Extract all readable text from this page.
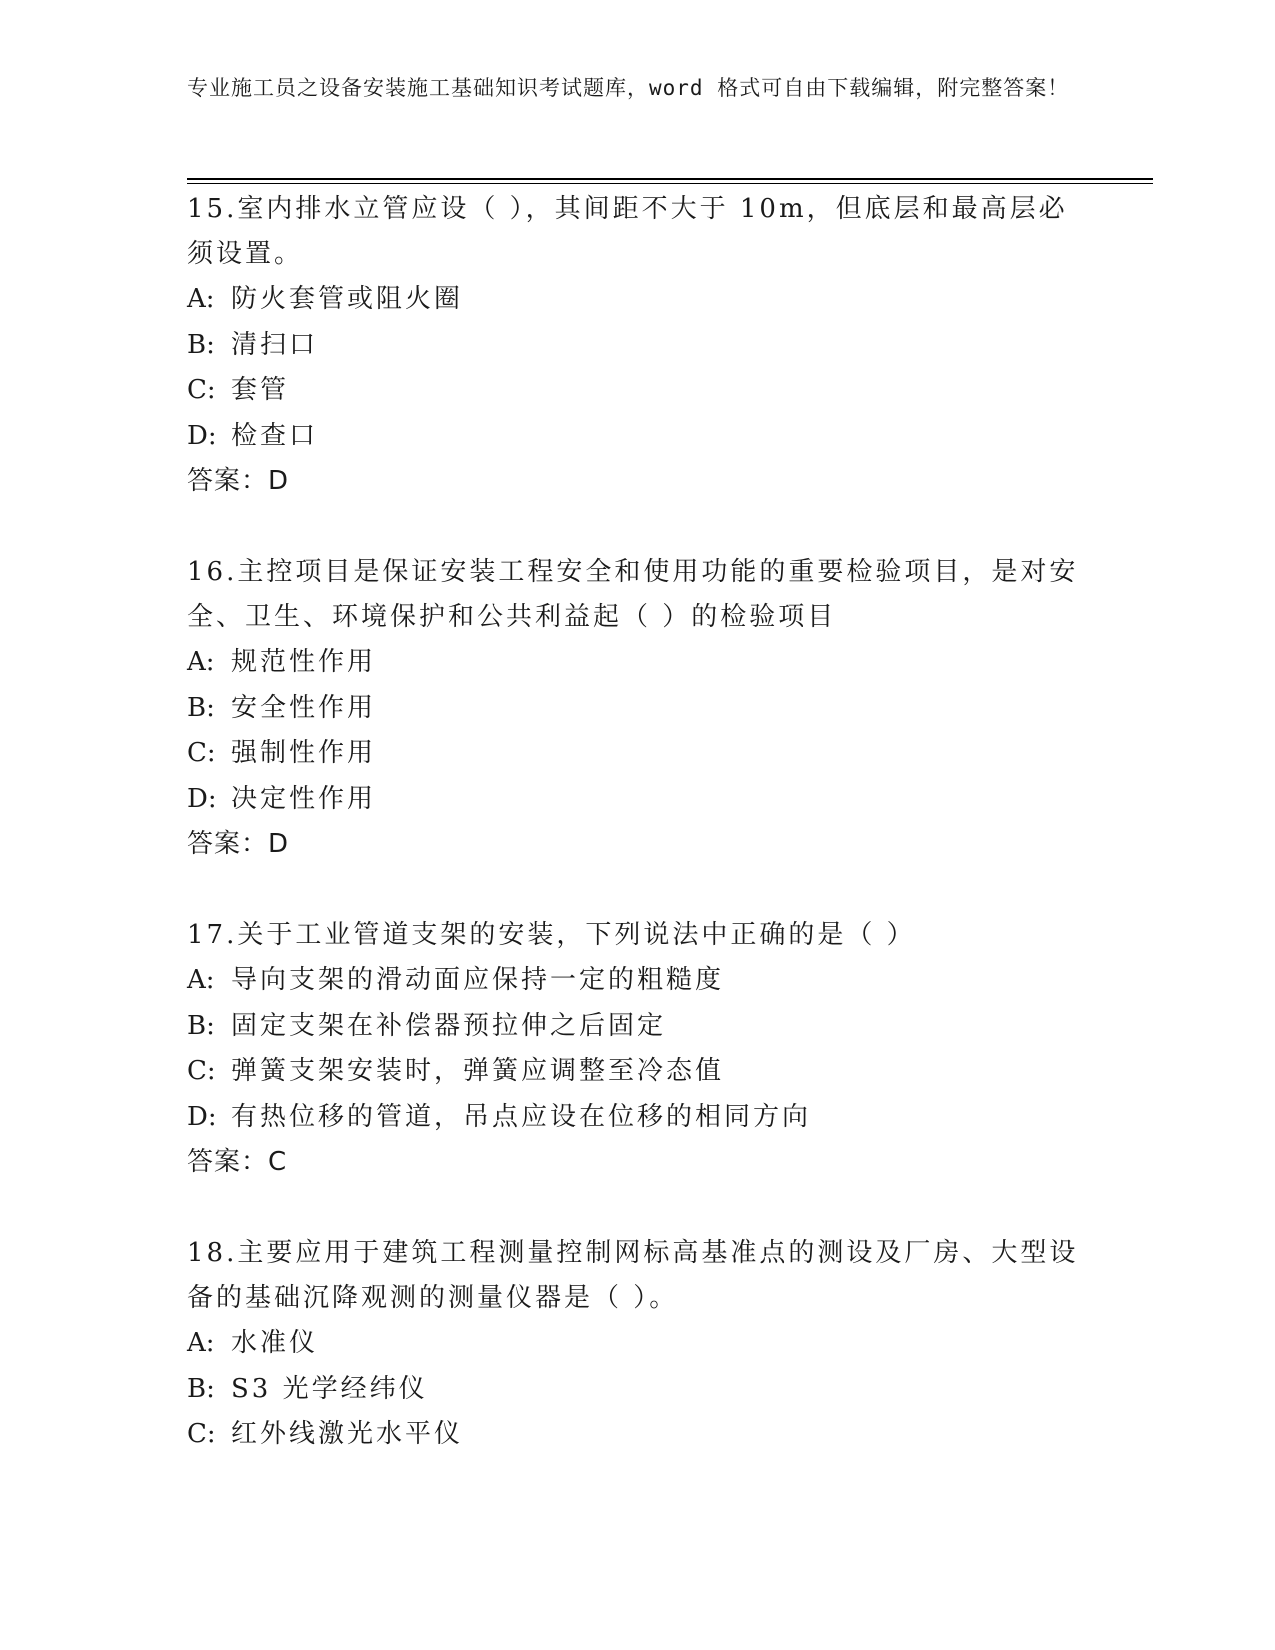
专业施工员之设备安装施工基础知识考试题库，word 格式可自由下载编辑，附完整答案！

15.室内排水立管应设（ ），其间距不大于 10m，但底层和最高层必须设置。

A: 防火套管或阻火圈
B: 清扫口
C: 套管
D: 检查口

答案：D

16.主控项目是保证安装工程安全和使用功能的重要检验项目，是对安全、卫生、环境保护和公共利益起（ ）的检验项目

A: 规范性作用
B: 安全性作用
C: 强制性作用
D: 决定性作用

答案：D

17.关于工业管道支架的安装，下列说法中正确的是（ ）

A: 导向支架的滑动面应保持一定的粗糙度
B: 固定支架在补偿器预拉伸之后固定
C: 弹簧支架安装时，弹簧应调整至冷态值
D: 有热位移的管道，吊点应设在位移的相同方向

答案：C

18.主要应用于建筑工程测量控制网标高基准点的测设及厂房、大型设备的基础沉降观测的测量仪器是（ ）。

A: 水准仪
B: S3 光学经纬仪
C: 红外线激光水平仪
